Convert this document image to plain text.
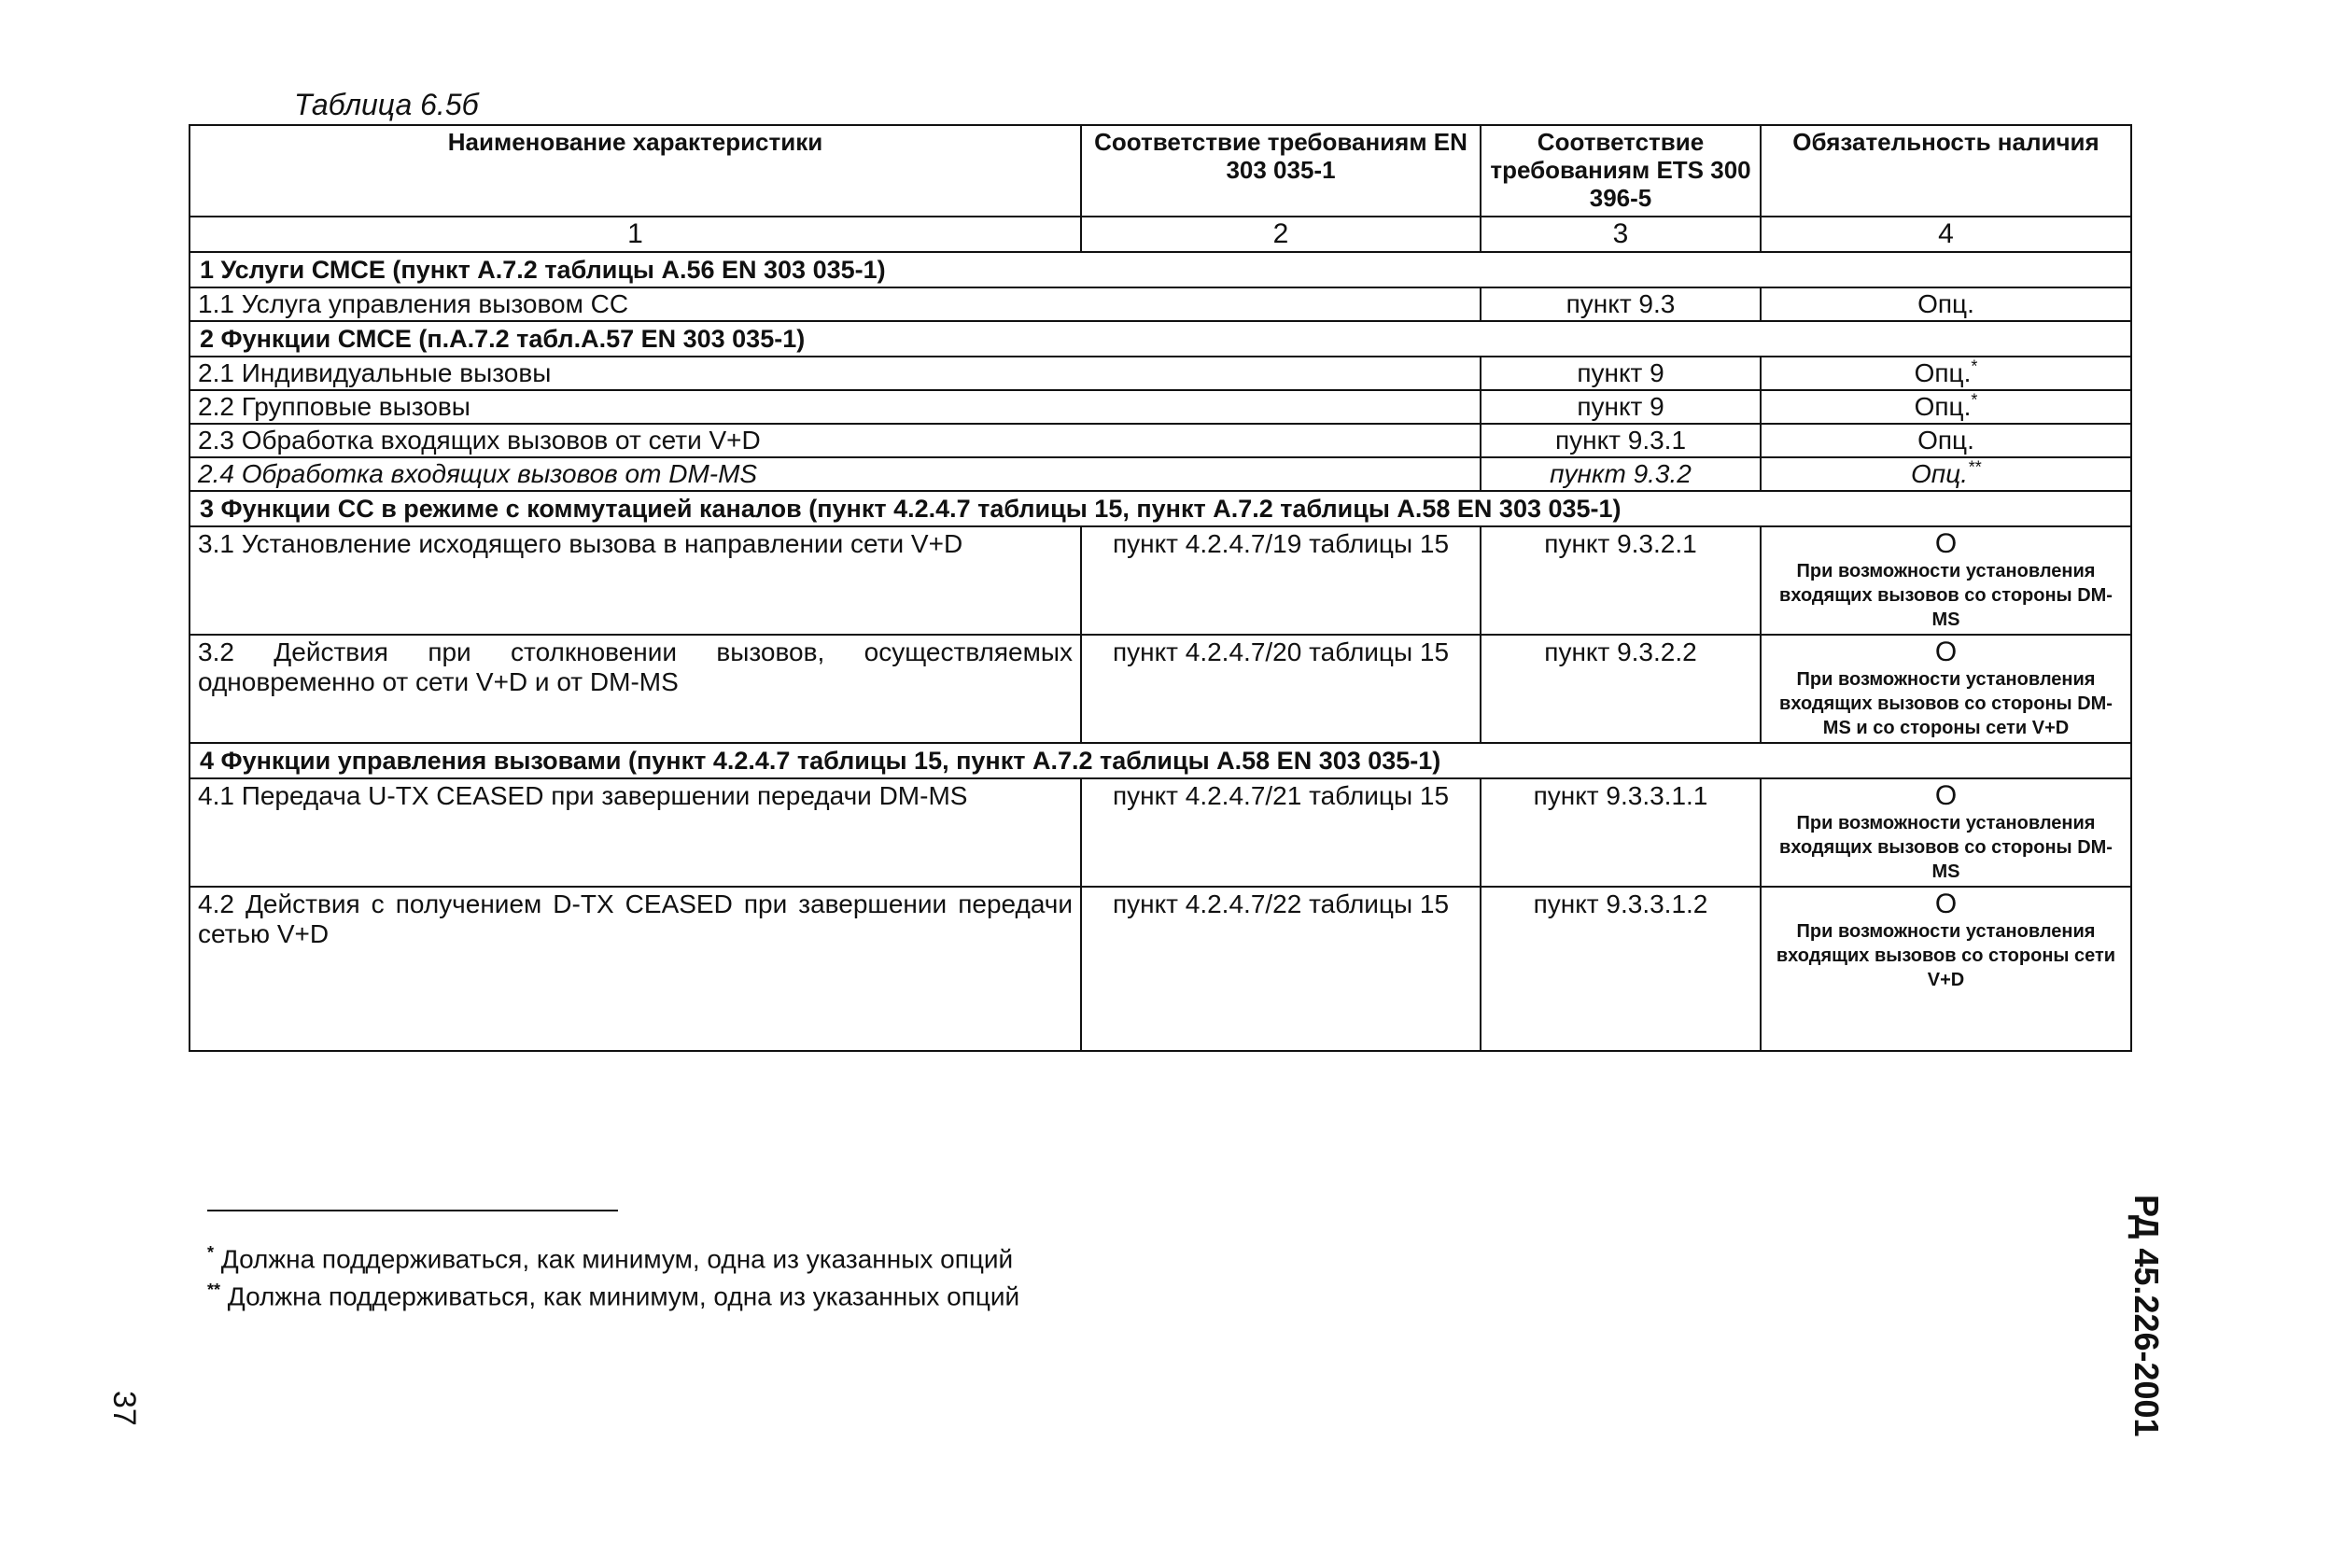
Таблица 6.5б
Наименование характеристики	Соответствие требованиям EN 303 035-1	Соответствие требованиям ETS 300 396-5	Обязательность наличия
1	2	3	4
1 Услуги СМСЕ (пункт А.7.2 таблицы А.56 EN 303 035-1)			
1.1 Услуга управления вызовом СС		пункт 9.3	Опц.
2 Функции СМСЕ (п.А.7.2 табл.А.57 EN 303 035-1)			
2.1 Индивидуальные вызовы		пункт 9	Опц.*
2.2 Групповые вызовы		пункт 9	Опц.*
2.3 Обработка входящих вызовов от сети V+D		пункт 9.3.1	Опц.
2.4 Обработка входящих вызовов от DM-MS		пункт 9.3.2	Опц.**
3 Функции СС в режиме с коммутацией каналов (пункт 4.2.4.7 таблицы 15, пункт А.7.2 таблицы А.58 EN 303 035-1)			
3.1 Установление исходящего вызова в направлении сети V+D	пункт 4.2.4.7/19 таблицы 15	пункт 9.3.2.1	О
При возможности установления входящих вызовов со стороны DM-MS

3.2 Действия при столкновении вызовов, осуществляемых одновременно от сети V+D и от DM-MS	пункт 4.2.4.7/20 таблицы 15	пункт 9.3.2.2	О
При возможности установления входящих вызовов со стороны DM-MS и со стороны сети V+D

4 Функции управления вызовами (пункт 4.2.4.7 таблицы 15, пункт А.7.2 таблицы А.58 EN 303 035-1)			
4.1 Передача U-TX CEASED при завершении передачи DM-MS	пункт 4.2.4.7/21 таблицы 15	пункт 9.3.3.1.1	О
При возможности установления входящих вызовов со стороны DM-MS

4.2 Действия с получением D-TX CEASED при завершении передачи сетью V+D	пункт 4.2.4.7/22 таблицы 15	пункт 9.3.3.1.2	О
При возможности установления входящих вызовов со стороны сети V+D
* Должна поддерживаться, как минимум, одна из указанных опций
** Должна поддерживаться, как минимум, одна из указанных опций	РД 45.226-2001
37
